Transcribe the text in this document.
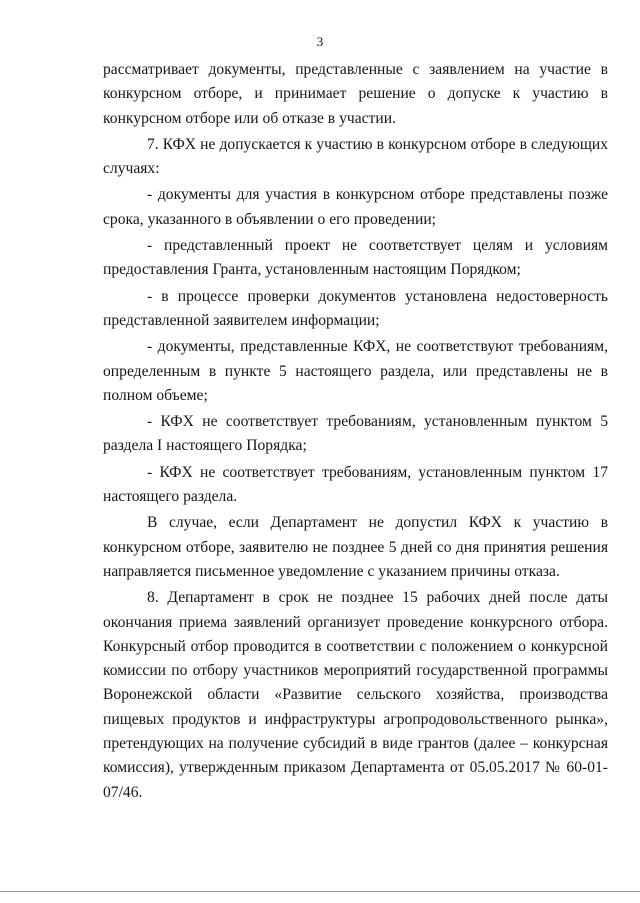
3

рассматривает документы, представленные с заявлением на участие в конкурсном отборе, и принимает решение о допуске к участию в конкурсном отборе или об отказе в участии.

7. КФХ не допускается к участию в конкурсном отборе в следующих случаях:

- документы для участия в конкурсном отборе представлены позже срока, указанного в объявлении о его проведении;

- представленный проект не соответствует целям и условиям предоставления Гранта, установленным настоящим Порядком;

- в процессе проверки документов установлена недостоверность представленной заявителем информации;

- документы, представленные КФХ, не соответствуют требованиям, определенным в пункте 5 настоящего раздела, или представлены не в полном объеме;

- КФХ не соответствует требованиям, установленным пунктом 5 раздела I настоящего Порядка;

- КФХ не соответствует требованиям, установленным пунктом 17 настоящего раздела.

В случае, если Департамент не допустил КФХ к участию в конкурсном отборе, заявителю не позднее 5 дней со дня принятия решения направляется письменное уведомление с указанием причины отказа.

8. Департамент в срок не позднее 15 рабочих дней после даты окончания приема заявлений организует проведение конкурсного отбора. Конкурсный отбор проводится в соответствии с положением о конкурсной комиссии по отбору участников мероприятий государственной программы Воронежской области «Развитие сельского хозяйства, производства пищевых продуктов и инфраструктуры агропродовольственного рынка», претендующих на получение субсидий в виде грантов (далее – конкурсная комиссия), утвержденным приказом Департамента от 05.05.2017 № 60-01-07/46.
